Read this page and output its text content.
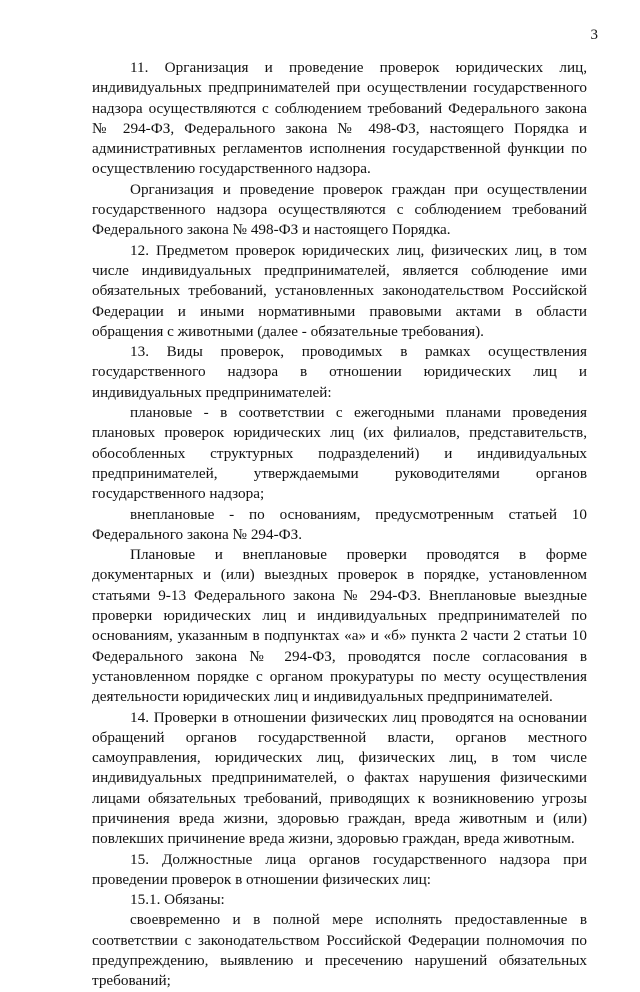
3

11. Организация и проведение проверок юридических лиц, индивидуальных предпринимателей при осуществлении государственного надзора осуществляются с соблюдением требований Федерального закона № 294-ФЗ, Федерального закона № 498-ФЗ, настоящего Порядка и административных регламентов исполнения государственной функции по осуществлению государственного надзора.

Организация и проведение проверок граждан при осуществлении государственного надзора осуществляются с соблюдением требований Федерального закона № 498-ФЗ и настоящего Порядка.

12. Предметом проверок юридических лиц, физических лиц, в том числе индивидуальных предпринимателей, является соблюдение ими обязательных требований, установленных законодательством Российской Федерации и иными нормативными правовыми актами в области обращения с животными (далее - обязательные требования).

13. Виды проверок, проводимых в рамках осуществления государственного надзора в отношении юридических лиц и индивидуальных предпринимателей:

плановые - в соответствии с ежегодными планами проведения плановых проверок юридических лиц (их филиалов, представительств, обособленных структурных подразделений) и индивидуальных предпринимателей, утверждаемыми руководителями органов государственного надзора;

внеплановые - по основаниям, предусмотренным статьей 10 Федерального закона № 294-ФЗ.

Плановые и внеплановые проверки проводятся в форме документарных и (или) выездных проверок в порядке, установленном статьями 9-13 Федерального закона № 294-ФЗ. Внеплановые выездные проверки юридических лиц и индивидуальных предпринимателей по основаниям, указанным в подпунктах «а» и «б» пункта 2 части 2 статьи 10 Федерального закона № 294-ФЗ, проводятся после согласования в установленном порядке с органом прокуратуры по месту осуществления деятельности юридических лиц и индивидуальных предпринимателей.

14. Проверки в отношении физических лиц проводятся на основании обращений органов государственной власти, органов местного самоуправления, юридических лиц, физических лиц, в том числе индивидуальных предпринимателей, о фактах нарушения физическими лицами обязательных требований, приводящих к возникновению угрозы причинения вреда жизни, здоровью граждан, вреда животным и (или) повлекших причинение вреда жизни, здоровью граждан, вреда животным.

15. Должностные лица органов государственного надзора при проведении проверок в отношении физических лиц:

15.1. Обязаны:

своевременно и в полной мере исполнять предоставленные в соответствии с законодательством Российской Федерации полномочия по предупреждению, выявлению и пресечению нарушений обязательных требований;
